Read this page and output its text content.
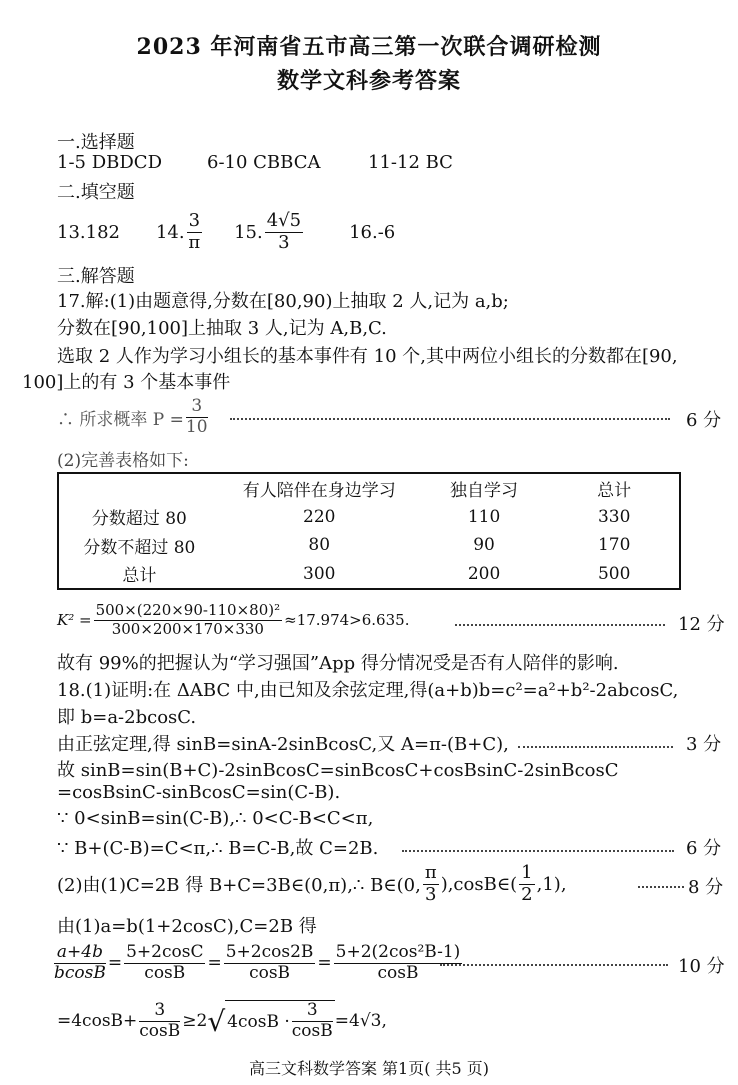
2023 年河南省五市高三第一次联合调研检测
数学文科参考答案
一.选择题
1-5 DBDCD 6-10 CBBCA	11-12 BC
二.填空题
13.182 14. $\frac{3}{\pi} 15$. $\frac{4√5}{3}$	16.-6
三.解答题
17.解:(1)由题意得,分数在[80,90)上抽取 2 人,记为 a,b;
分数在[90,100]上抽取 3 人,记为 A,B,C.
选取 2 人作为学习小组长的基本事件有 10 个,其中两位小组长的分数都在[90,
100]上的有 3 个基本事件
∴ 所求概率 $P = \frac{3}{10}$	6 分
(2)完善表格如下:
	有人陪伴在身边学习	独自学习	总计
分数超过 80	220	110	330
分数不超过 80	80	90	170
总计	300	200	500
$K^2 = \frac{\text{500×(220×90-110×80)²}}{300\times 200\times 170\times 330} \approx 17.974>6.635$.	12 分
故有 99%的把握认为“学习强国”App 得分情况受是否有人陪伴的影响.
18.(1)证明:在 ΔABC 中,由已知及余弦定理,得(a+b)b=c²=a²+b²-2abcosC,
即 b=a-2bcosC.
由正弦定理,得 sinB=sinA-2sinBcosC,又 A=π-(B+C),	3 分
故 sinB=sin(B+C)-2sinBcosC=sinBcosC+cosBsinC-2sinBcosC
=cosBsinC-sinBcosC=sin(C-B).
∵ 0<sinB=sin(C-B),∴ 0<C-B<C<π,
∵ B+(C-B)=C<π,∴ B=C-B,故 C=2B.	6 分
(2)由(1)C=2B 得 B+C=3B∈(0,π),∴ B∈(0, $\frac{\pi}{3}$ ),cosB∈( $\frac{1}{2} ,1$),	8 分
由(1)a=b(1+2cosC),C=2B 得
$\frac{a+4b}{bcosB} = \frac{5+2\cos C}{\cos B} = \frac{5+2\cos 2B}{\cos B} = \frac{\text{5+2(2cos²B-1)}}{\cos B}$	10 分
$=4\cos B+ \frac{3}{\cos B} \ge 2$ √ $4\cos B \cdot \frac{3}{\cos B} =4√3$,
高三文科数学答案 第1页( 共5 页)
